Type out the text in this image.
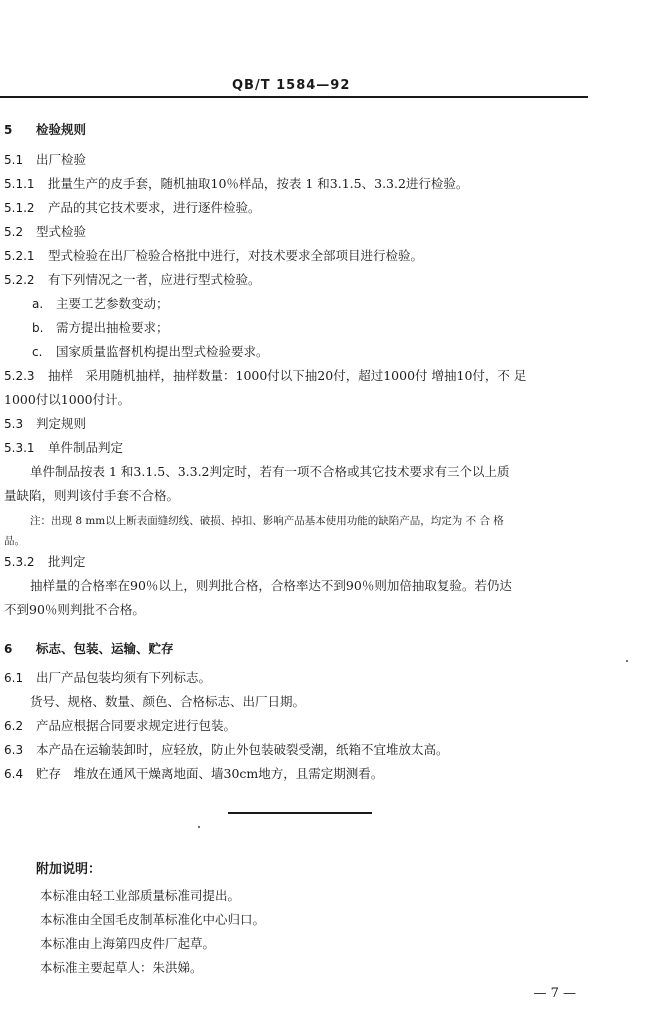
QB/T 1584—92
5 检验规则
5.1 出厂检验
5.1.1 批量生产的皮手套，随机抽取10％样品，按表 1 和3.1.5、3.3.2进行检验。
5.1.2 产品的其它技术要求，进行逐件检验。
5.2 型式检验
5.2.1 型式检验在出厂检验合格批中进行，对技术要求全部项目进行检验。
5.2.2 有下列情况之一者，应进行型式检验。
a. 主要工艺参数变动；
b. 需方提出抽检要求；
c. 国家质量监督机构提出型式检验要求。
5.2.3 抽样　采用随机抽样，抽样数量：1000付以下抽20付，超过1000付 增抽10付，不 足
1000付以1000付计。
5.3 判定规则
5.3.1 单件制品判定
单件制品按表 1 和3.1.5、3.3.2判定时，若有一项不合格或其它技术要求有三个以上质
量缺陷，则判该付手套不合格。
注：出现 8 mm以上断表面缝纫线、破损、掉扣、影响产品基本使用功能的缺陷产品，均定为 不 合 格
品。
5.3.2 批判定
抽样量的合格率在90％以上，则判批合格，合格率达不到90％则加倍抽取复验。若仍达
不到90％则判批不合格。
6 标志、包装、运输、贮存
6.1 出厂产品包装均须有下列标志。
货号、规格、数量、颜色、合格标志、出厂日期。
6.2 产品应根据合同要求规定进行包装。
6.3 本产品在运输装卸时，应轻放，防止外包装破裂受潮，纸箱不宜堆放太高。
6.4 贮存　堆放在通风干燥离地面、墙30cm地方，且需定期测看。
附加说明：
本标准由轻工业部质量标准司提出。
本标准由全国毛皮制革标准化中心归口。
本标准由上海第四皮件厂起草。
本标准主要起草人：朱洪娣。
— 7 —
